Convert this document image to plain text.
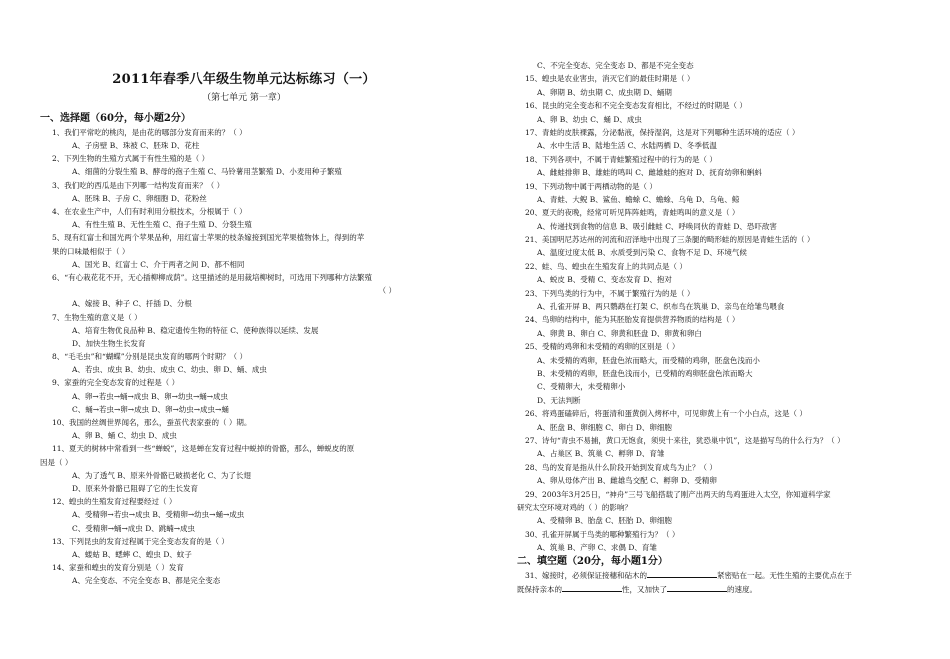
2011年春季八年级生物单元达标练习（一）
（第七单元 第一章）
一、选择题（60分，每小题2分）
1、我们平常吃的桃肉，是由花的哪部分发育而来的？（ ）
A、子房壁 B、珠被 C、胚珠 D、花柱
2、下列生物的生殖方式属于有性生殖的是（ ）
A、细菌的分裂生殖 B、酵母的孢子生殖 C、马铃薯用茎繁殖 D、小麦用种子繁殖
3、我们吃的西瓜是由下列哪一结构发育而来？（ ）
A、胚珠 B、子房 C、卵细胞 D、花粉丝
4、在农业生产中，人们有时利用分根技术，分根属于（ ）
A、有性生殖 B、无性生殖 C、孢子生殖 D、分裂生殖
5、现有红富士和国光两个苹果品种，用红富士苹果的枝条嫁接到国光苹果植物体上，得到的苹
果的口味最相似于（ ）
A、国光 B、红富士 C、介于两者之间 D、都不相同
6、“有心栽花花不开，无心插柳柳成荫”。这里描述的是用裁培柳树时，可选用下列哪种方法繁殖
（ ）
A、嫁接 B、种子 C、扦插 D、分根
7、生物生殖的意义是（ ）
A、培育生物优良品种 B、稳定遗传生物的特征 C、使种族得以延续、发展
D、加快生物生长发育
8、“毛毛虫”和“蝴蝶”分别是昆虫发育的哪两个时期？（ ）
A、若虫、成虫 B、幼虫、成虫 C、幼虫、卵 D、蛹、成虫
9、家蚕的完全变态发育的过程是（ ）
A、卵→若虫→蛹→成虫 B、卵→幼虫→蛹→成虫
C、蛹→若虫→卵→成虫 D、卵→幼虫→成虫→蛹
10、我国的丝绸世界闻名，那么，蚕茧代表家蚕的（ ）期。
A、卵 B、蛹 C、幼虫 D、成虫
11、夏天的树林中常看到一些“蝉蜕”，这是蝉在发育过程中蜕掉的骨骼，那么，蝉蜕皮的原
因是（ ）
A、为了透气 B、原来外骨骼已破损老化 C、为了长翅
D、原来外骨骼已阻碍了它的生长发育
12、蝗虫的生殖发育过程要经过（ ）
A、受精卵→若虫→成虫 B、受精卵→幼虫→蛹→成虫
C、受精卵→蛹→成虫 D、跳蝻→成虫
13、下列昆虫的发育过程属于完全变态发育的是（ ）
A、蝼蛄 B、蟋蟀 C、蝗虫 D、蚊子
14、家蚕和蝗虫的发育分别是（ ）发育
A、完全变态、不完全变态 B、都是完全变态
C、不完全变态、完全变态 D、都是不完全变态
15、蝗虫是农业害虫，消灭它们的最佳时期是（ ）
A、卵期 B、幼虫期 C、成虫期 D、蛹期
16、昆虫的完全变态和不完全变态发育相比，不经过的时期是（ ）
A、卵 B、幼虫 C、蛹 D、成虫
17、青蛙的皮肤裸露，分泌黏液，保持湿润，这是对下列哪种生活环境的适应（ ）
A、水中生活 B、陆地生活 C、水陆两栖 D、冬季低温
18、下列各项中，不属于青蛙繁殖过程中的行为的是（ ）
A、雌蛙排卵 B、雄蛙的鸣叫 C、雌雄蛙的抱对 D、抚育幼卵和蝌蚪
19、下列动物中属于两栖动物的是（ ）
A、青蛙、大鲵 B、鲨鱼、蟾蜍 C、蟾蜍、乌龟 D、乌龟、鲸
20、夏天的夜晚，经常可听见阵阵蛙鸣，青蛙鸣叫的意义是（ ）
A、传递找到食物的信息 B、吸引雌蛙 C、呼唤同伙的青蛙 D、恐吓敌害
21、美国明尼苏达州的河流和沼泽地中出现了三条腿的畸形蛙的原因是青蛙生活的（ ）
A、温度过度太低 B、水质受到污染 C、食物不足 D、环境气候
22、蛙、鸟、蝗虫在生殖发育上的共同点是（ ）
A、蜕皮 B、受精 C、变态发育 D、抱对
23、下列鸟类的行为中，不属于繁殖行为的是（ ）
A、孔雀开屏 B、两只鹦鹉在打架 C、织布鸟在筑巢 D、亲鸟在给雏鸟喂食
24、鸟卵的结构中，能为其胚胎发育提供营养物质的结构是（ ）
A、卵黄 B、卵白 C、卵黄和胚盘 D、卵黄和卵白
25、受精的鸡卵和未受精的鸡卵的区别是（ ）
A、未受精的鸡卵，胚盘色浓而略大，而受精的鸡卵，胚盘色浅而小
B、未受精的鸡卵，胚盘色浅而小，已受精的鸡卵胚盘色浓而略大
C、受精卵大，未受精卵小
D、无法判断
26、将鸡蛋磕碎后，将蛋清和蛋黄倒入烤杯中，可见卵黄上有一个小白点，这是（ ）
A、胚盘 B、卵细胞 C、卵白 D、卵细胞
27、诗句“青虫不易捕，黄口无饱食，须臾十来往，犹恐巢中饥”，这是描写鸟的什么行为？（ ）
A、占巢区 B、筑巢 C、孵卵 D、育雏
28、鸟的发育是指从什么阶段开始到发育成鸟为止？（ ）
A、卵从母体产出 B、雌雄鸟交配 C、孵卵 D、受精卵
29、2003年3月25日，“神舟”三号飞船搭载了刚产出两天的鸟鸡蛋进入太空，你知道科学家
研究太空环境对鸡的（ ）的影响？
A、受精卵 B、胎盘 C、胚胎 D、卵细胞
30、孔雀开屏属于鸟类的哪种繁殖行为？（ ）
A、筑巢 B、产卵 C、求偶 D、育雏
二、填空题（20分，每小题1分）
31、嫁接时，必须保证接穗和砧木的	紧密贴在一起。无性生殖的主要优点在于
既保持亲本的	性，又加快了	的速度。
